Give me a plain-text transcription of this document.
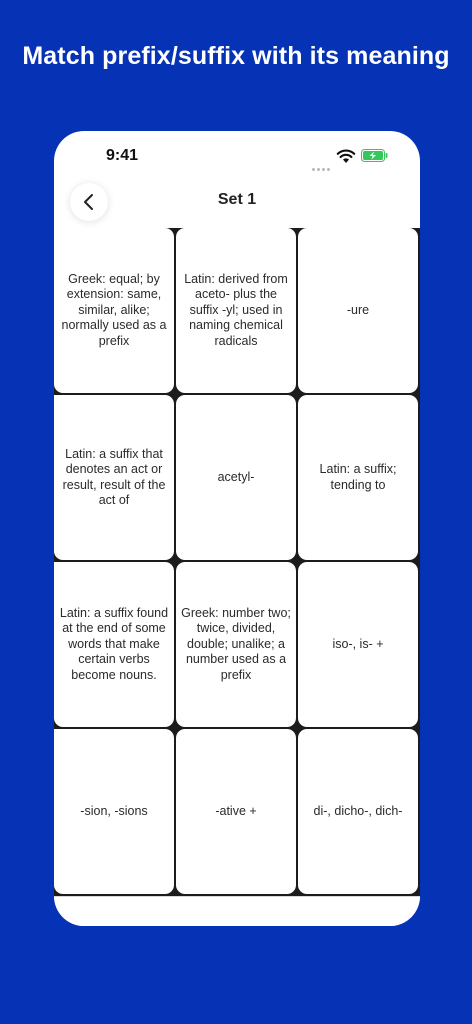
Match prefix/suffix with its meaning
9:41
Set 1
Greek: equal; by extension: same, similar, alike; normally used as a prefix
Latin: derived from aceto- plus the suffix -yl; used in naming chemical radicals
-ure
Latin: a suffix that denotes an act or result, result of the act of
acetyl-
Latin: a suffix; tending to
Latin: a suffix found at the end of some words that make certain verbs become nouns.
Greek: number two; twice, divided, double; unalike; a number used as a prefix
iso-, is- +
-sion, -sions	-ative +	di-, dicho-, dich-
